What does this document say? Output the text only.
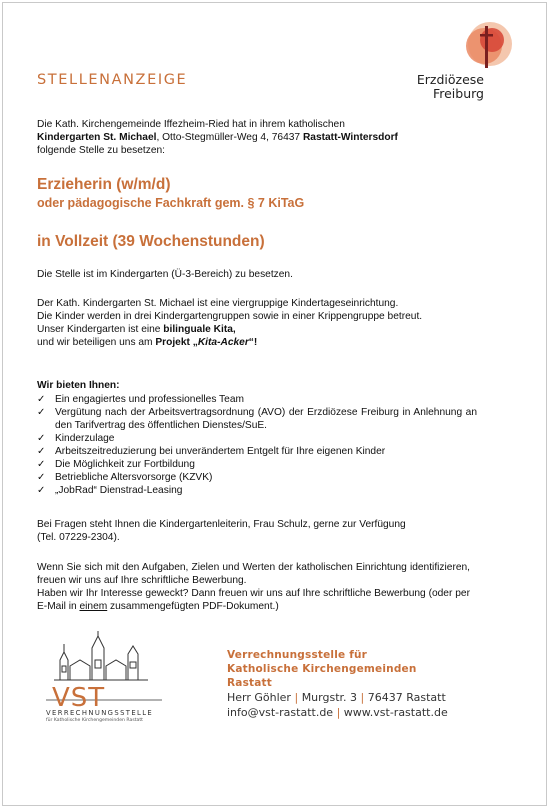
STELLENANZEIGE	Erzdiözese
Freiburg
Die Kath. Kirchengemeinde Iffezheim-Ried hat in ihrem katholischen
Kindergarten St. Michael, Otto-Stegmüller-Weg 4, 76437 Rastatt-Wintersdorf
folgende Stelle zu besetzen:
Erzieherin (w/m/d)
oder pädagogische Fachkraft gem. § 7 KiTaG
in Vollzeit (39 Wochenstunden)
Die Stelle ist im Kindergarten (Ü-3-Bereich) zu besetzen.
Der Kath. Kindergarten St. Michael ist eine viergruppige Kindertageseinrichtung.
Die Kinder werden in drei Kindergartengruppen sowie in einer Krippengruppe betreut.
Unser Kindergarten ist eine bilinguale Kita,
und wir beteiligen uns am Projekt „Kita-Acker“!
Wir bieten Ihnen:
✓ Ein engagiertes und professionelles Team
✓ Vergütung nach der Arbeitsvertragsordnung (AVO) der Erzdiözese Freiburg in Anlehnung an den Tarifvertrag des öffentlichen Dienstes/SuE.
✓ Kinderzulage
✓ Arbeitszeitreduzierung bei unverändertem Entgelt für Ihre eigenen Kinder
✓ Die Möglichkeit zur Fortbildung
✓ Betriebliche Altersvorsorge (KZVK)
✓ „JobRad“ Dienstrad-Leasing
Bei Fragen steht Ihnen die Kindergartenleiterin, Frau Schulz, gerne zur Verfügung
(Tel. 07229-2304).
Wenn Sie sich mit den Aufgaben, Zielen und Werten der katholischen Einrichtung identifizieren, freuen wir uns auf Ihre schriftliche Bewerbung.
Haben wir Ihr Interesse geweckt? Dann freuen wir uns auf Ihre schriftliche Bewerbung (oder per E-Mail in einem zusammengefügten PDF-Dokument.)
VST
VERRECHNUNGSSTELLE
für Katholische Kirchengemeinden Rastatt
Verrechnungsstelle für
Katholische Kirchengemeinden
Rastatt
Herr Göhler | Murgstr. 3 | 76437 Rastatt
info@vst-rastatt.de | www.vst-rastatt.de
